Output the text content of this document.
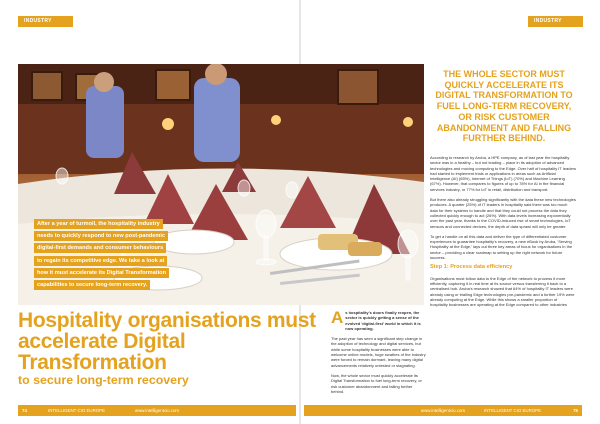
INDUSTRY WATCH
INDUSTRY WATCH
After a year of turmoil, the hospitality industry
needs to quickly respond to new post-pandemic
digital-first demands and consumer behaviours
to regain its competitive edge. We take a look at
how it must accelerate its Digital Transformation
capabilities to secure long-term recovery.
Hospitality organisations must accelerate Digital Transformation
to secure long-term recovery
A s hospitality's doors finally reopen, the sector is quickly getting a sense of the evolved 'digital-first' world in which it is now operating.

The past year has seen a significant step change in the adoption of technology and digital services, but while some hospitality businesses were able to welcome online models, huge swathes of the industry were forced to remain dormant, leaving many digital advancements relatively untested or stagnating.

Now, the whole sector must quickly accelerate its Digital Transformation to fuel long-term recovery, or risk customer abandonment and falling further behind.

THE WHOLE SECTOR MUST QUICKLY ACCELERATE ITS DIGITAL TRANSFORMATION TO FUEL LONG-TERM RECOVERY, OR RISK CUSTOMER ABANDONMENT AND FALLING FURTHER BEHIND.

According to research by Aruba, a HPE company, as of last year the hospitality sector was in a healthy – but not leading – place in its adoption of advanced technologies and moving computing to the Edge. Over half of hospitality IT leaders had started to implement trials or applications in areas such as Artificial Intelligence (AI) (65%), Internet of Things (IoT) (70%) and Machine Learning (67%). However, that compares to figures of up to 78% for AI in the financial services industry, or 77% for IoT in retail, distribution and transport.

But there also already struggling significantly with the data these new technologies produces. A quarter (25%) of IT leaders in hospitality said there was too much data for their systems to handle and that they could not process the data they collected quickly enough to act (26%). With data levels increasing exponentially over the past year, thanks to the COVID-induced rise of smart technologies, IoT sensors and connected devices, the depth of data sprawl will only be greater.

To get a handle on all this data and deliver the type of differentiated customer experiences to guarantee hospitality's recovery, a new eBook by Aruba, 'Serving Hospitality at the Edge,' lays out three key areas of focus for organisations in the sector – providing a clear roadmap to setting up the right network for future success.

Step 1: Process data efficiency

Organisations must follow data to the Edge of the network to process it more efficiently, capturing it in real time at its source versus transferring it back to a centralised hub. Aruba's research showed that 64% of hospitality IT leaders were already using or trialling Edge technologies pre-pandemic and a further 19% were already computing at the Edge. While this shows a smaller proportion of hospitality businesses are operating at the Edge compared to other industries

74	www.intelligentcio.com
INTELLIGENT CIO EUROPE	www.intelligentcio.com	INTELLIGENT CIO EUROPE	75
